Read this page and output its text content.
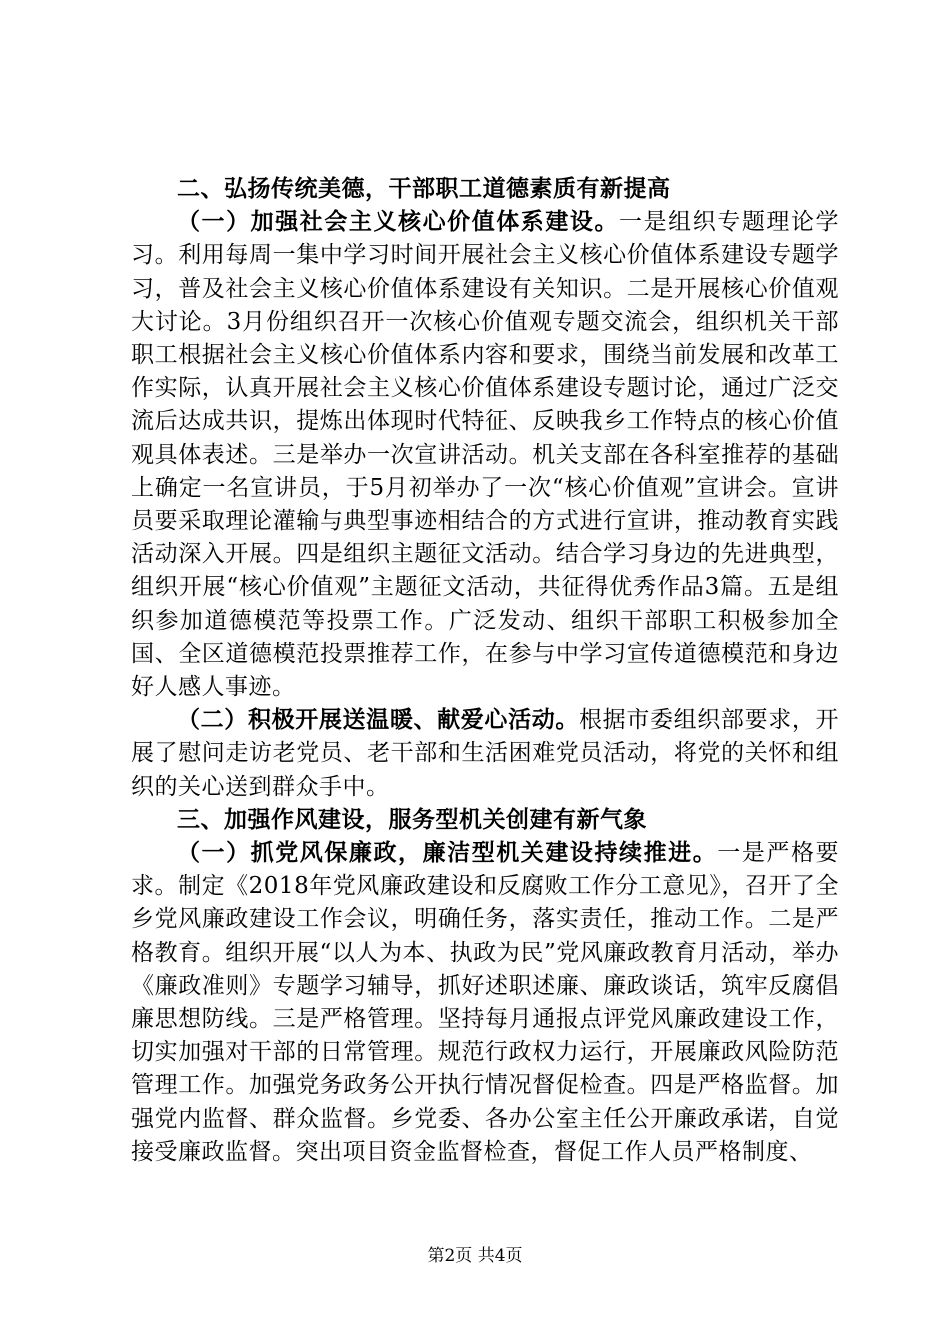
二、弘扬传统美德，干部职工道德素质有新提高

（一）加强社会主义核心价值体系建设。一是组织专题理论学习。利用每周一集中学习时间开展社会主义核心价值体系建设专题学习，普及社会主义核心价值体系建设有关知识。二是开展核心价值观大讨论。3月份组织召开一次核心价值观专题交流会，组织机关干部职工根据社会主义核心价值体系内容和要求，围绕当前发展和改革工作实际，认真开展社会主义核心价值体系建设专题讨论，通过广泛交流后达成共识，提炼出体现时代特征、反映我乡工作特点的核心价值观具体表述。三是举办一次宣讲活动。机关支部在各科室推荐的基础上确定一名宣讲员，于5月初举办了一次“核心价值观”宣讲会。宣讲员要采取理论灌输与典型事迹相结合的方式进行宣讲，推动教育实践活动深入开展。四是组织主题征文活动。结合学习身边的先进典型，组织开展“核心价值观”主题征文活动，共征得优秀作品3篇。五是组织参加道德模范等投票工作。广泛发动、组织干部职工积极参加全国、全区道德模范投票推荐工作，在参与中学习宣传道德模范和身边好人感人事迹。

（二）积极开展送温暖、献爱心活动。根据市委组织部要求，开展了慰问走访老党员、老干部和生活困难党员活动，将党的关怀和组织的关心送到群众手中。

三、加强作风建设，服务型机关创建有新气象

（一）抓党风保廉政，廉洁型机关建设持续推进。一是严格要求。制定《2018年党风廉政建设和反腐败工作分工意见》，召开了全乡党风廉政建设工作会议，明确任务，落实责任，推动工作。二是严格教育。组织开展“以人为本、执政为民”党风廉政教育月活动，举办《廉政准则》专题学习辅导，抓好述职述廉、廉政谈话，筑牢反腐倡廉思想防线。三是严格管理。坚持每月通报点评党风廉政建设工作，切实加强对干部的日常管理。规范行政权力运行，开展廉政风险防范管理工作。加强党务政务公开执行情况督促检查。四是严格监督。加强党内监督、群众监督。乡党委、各办公室主任公开廉政承诺，自觉接受廉政监督。突出项目资金监督检查，督促工作人员严格制度、

第2页 共4页
